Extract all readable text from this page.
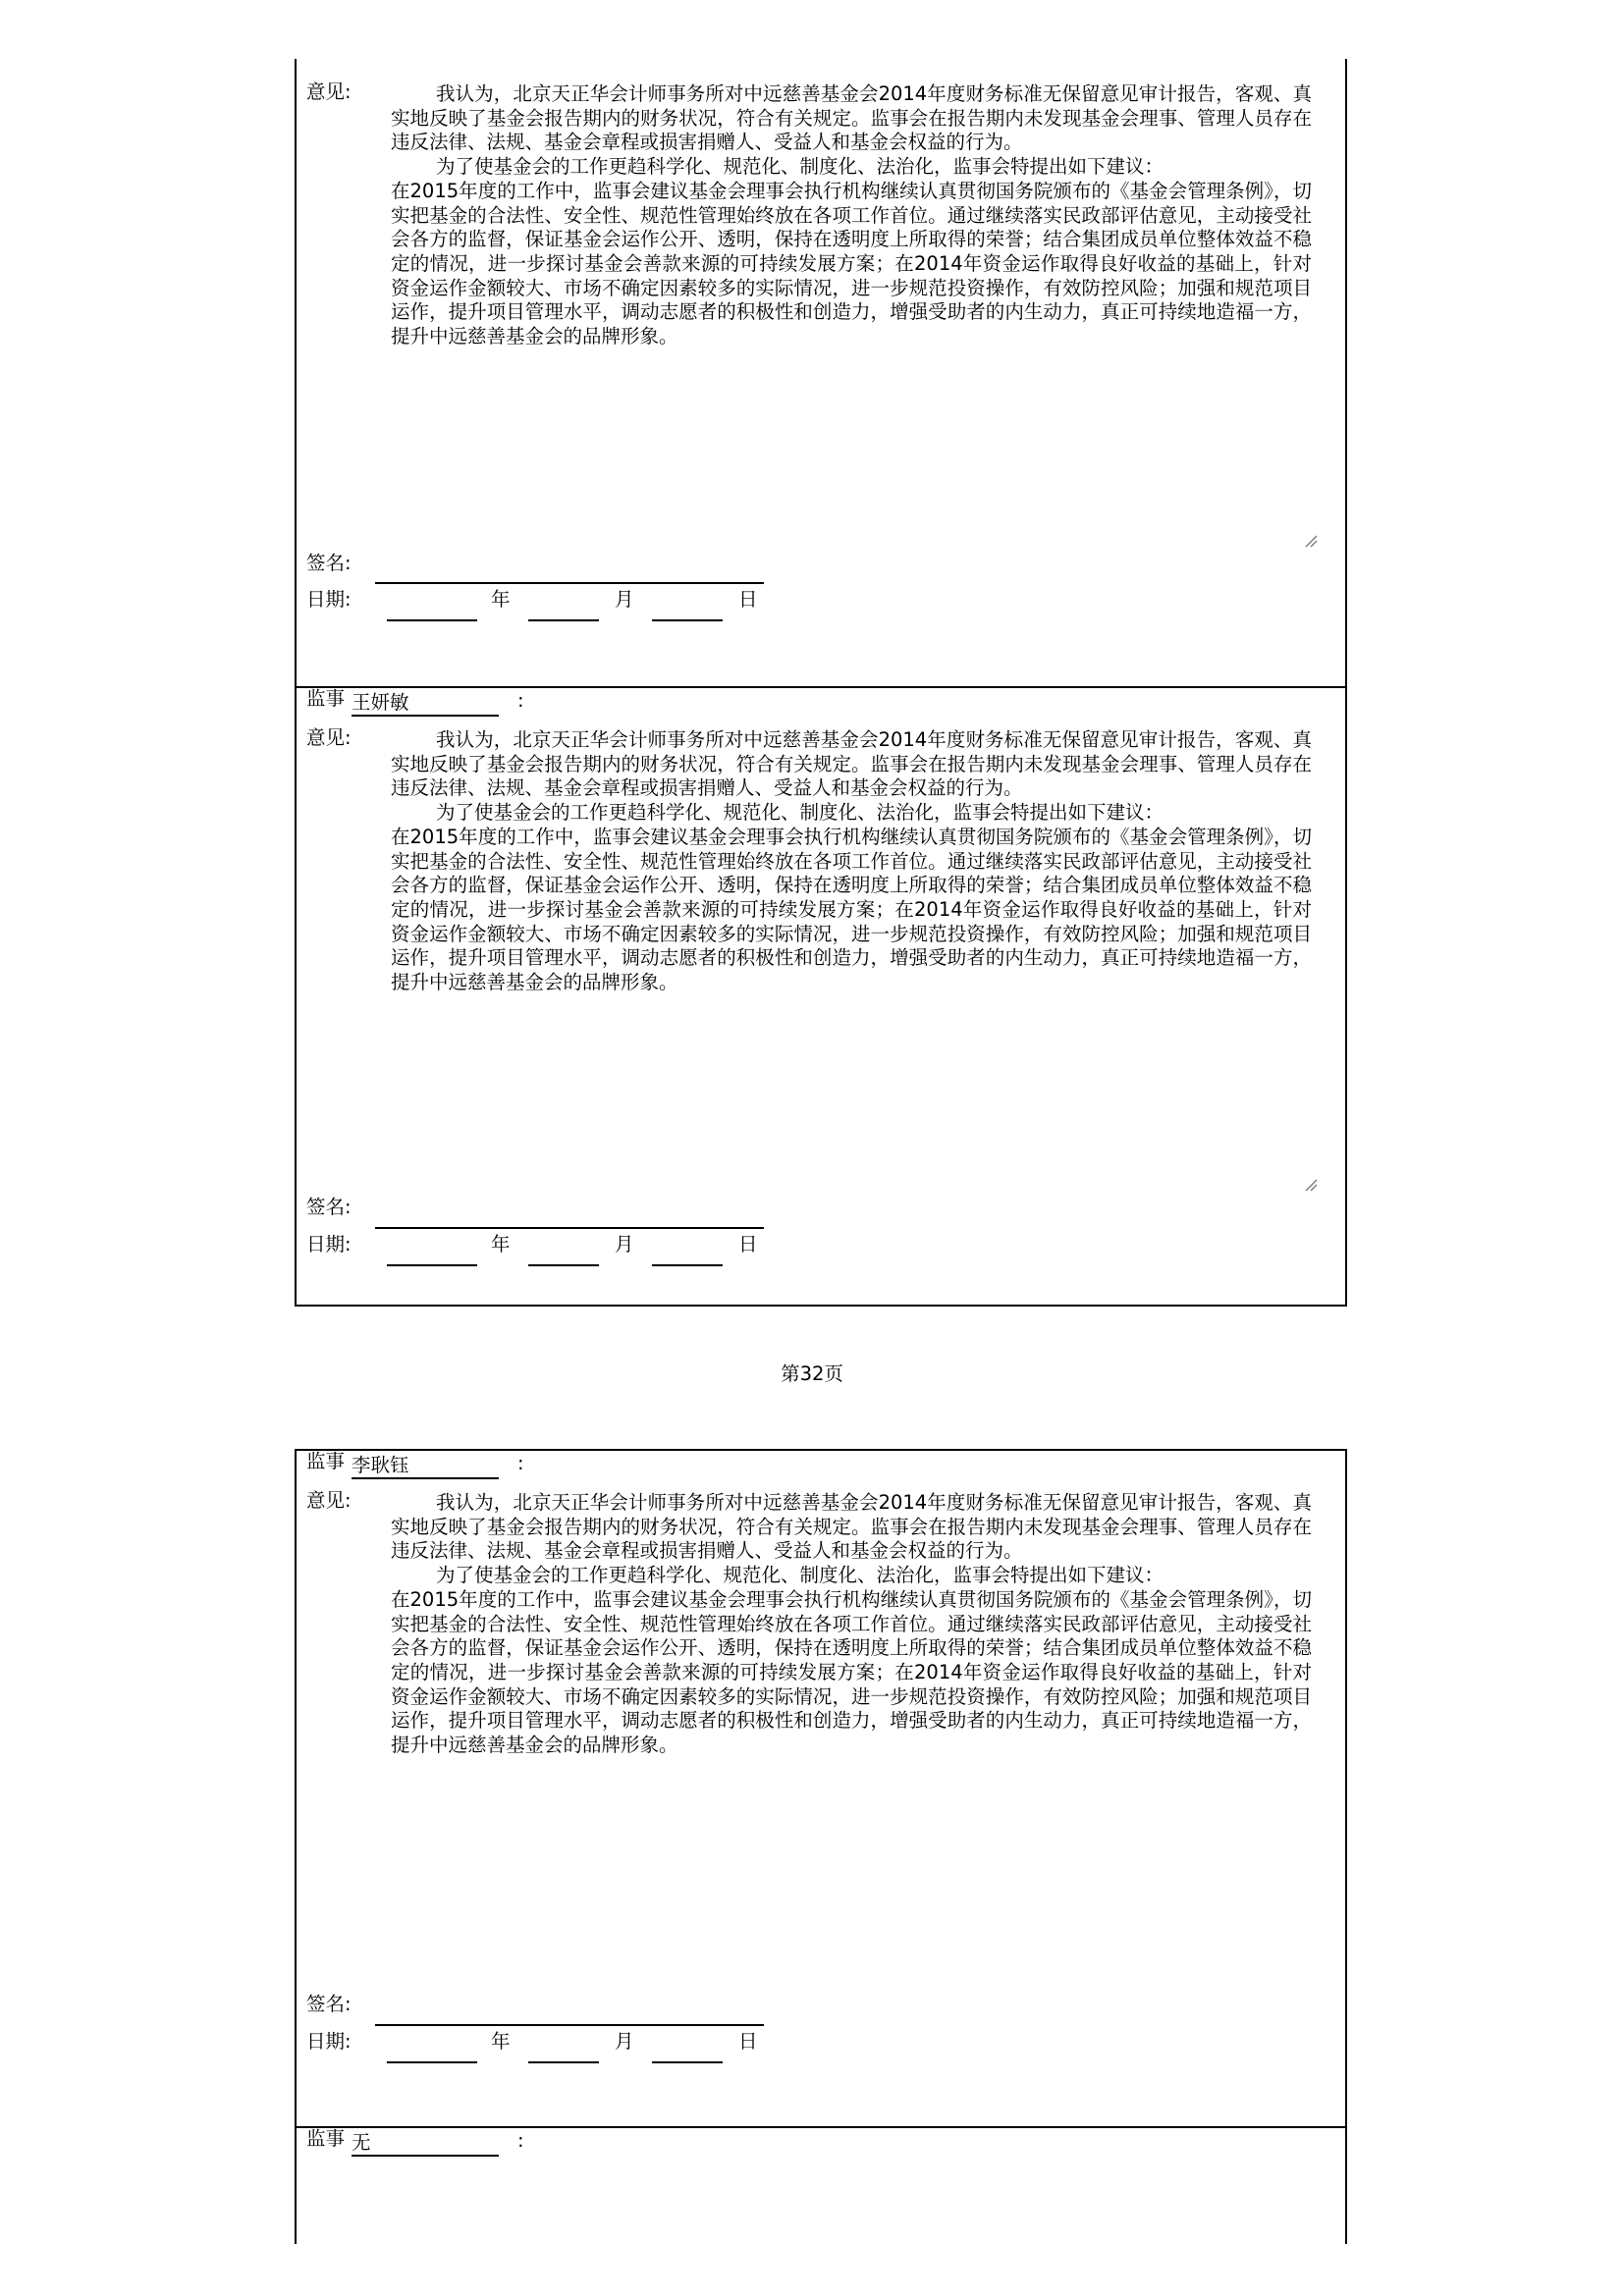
意见:	我认为，北京天正华会计师事务所对中远慈善基金会2014年度财务标准无保留意见审计报告，客观、真实地反映了基金会报告期内的财务状况，符合有关规定。监事会在报告期内未发现基金会理事、管理人员存在违反法律、法规、基金会章程或损害捐赠人、受益人和基金会权益的行为。

为了使基金会的工作更趋科学化、规范化、制度化、法治化，监事会特提出如下建议：

在2015年度的工作中，监事会建议基金会理事会执行机构继续认真贯彻国务院颁布的《基金会管理条例》，切实把基金的合法性、安全性、规范性管理始终放在各项工作首位。通过继续落实民政部评估意见，主动接受社会各方的监督，保证基金会运作公开、透明，保持在透明度上所取得的荣誉；结合集团成员单位整体效益不稳定的情况，进一步探讨基金会善款来源的可持续发展方案；在2014年资金运作取得良好收益的基础上，针对资金运作金额较大、市场不确定因素较多的实际情况，进一步规范投资操作，有效防控风险；加强和规范项目运作，提升项目管理水平，调动志愿者的积极性和创造力，增强受助者的内生动力，真正可持续地造福一方，提升中远慈善基金会的品牌形象。

签名:
日期:	年	月	日
监事 王妍敏	:
意见:	我认为，北京天正华会计师事务所对中远慈善基金会2014年度财务标准无保留意见审计报告，客观、真实地反映了基金会报告期内的财务状况，符合有关规定。监事会在报告期内未发现基金会理事、管理人员存在违反法律、法规、基金会章程或损害捐赠人、受益人和基金会权益的行为。

为了使基金会的工作更趋科学化、规范化、制度化、法治化，监事会特提出如下建议：

在2015年度的工作中，监事会建议基金会理事会执行机构继续认真贯彻国务院颁布的《基金会管理条例》，切实把基金的合法性、安全性、规范性管理始终放在各项工作首位。通过继续落实民政部评估意见，主动接受社会各方的监督，保证基金会运作公开、透明，保持在透明度上所取得的荣誉；结合集团成员单位整体效益不稳定的情况，进一步探讨基金会善款来源的可持续发展方案；在2014年资金运作取得良好收益的基础上，针对资金运作金额较大、市场不确定因素较多的实际情况，进一步规范投资操作，有效防控风险；加强和规范项目运作，提升项目管理水平，调动志愿者的积极性和创造力，增强受助者的内生动力，真正可持续地造福一方，提升中远慈善基金会的品牌形象。

签名:
日期:	年	月	日
第32页
监事 李耿钰	:
意见:	我认为，北京天正华会计师事务所对中远慈善基金会2014年度财务标准无保留意见审计报告，客观、真实地反映了基金会报告期内的财务状况，符合有关规定。监事会在报告期内未发现基金会理事、管理人员存在违反法律、法规、基金会章程或损害捐赠人、受益人和基金会权益的行为。

为了使基金会的工作更趋科学化、规范化、制度化、法治化，监事会特提出如下建议：

在2015年度的工作中，监事会建议基金会理事会执行机构继续认真贯彻国务院颁布的《基金会管理条例》，切实把基金的合法性、安全性、规范性管理始终放在各项工作首位。通过继续落实民政部评估意见，主动接受社会各方的监督，保证基金会运作公开、透明，保持在透明度上所取得的荣誉；结合集团成员单位整体效益不稳定的情况，进一步探讨基金会善款来源的可持续发展方案；在2014年资金运作取得良好收益的基础上，针对资金运作金额较大、市场不确定因素较多的实际情况，进一步规范投资操作，有效防控风险；加强和规范项目运作，提升项目管理水平，调动志愿者的积极性和创造力，增强受助者的内生动力，真正可持续地造福一方，提升中远慈善基金会的品牌形象。

签名:
日期:	年	月	日
监事 无	:
